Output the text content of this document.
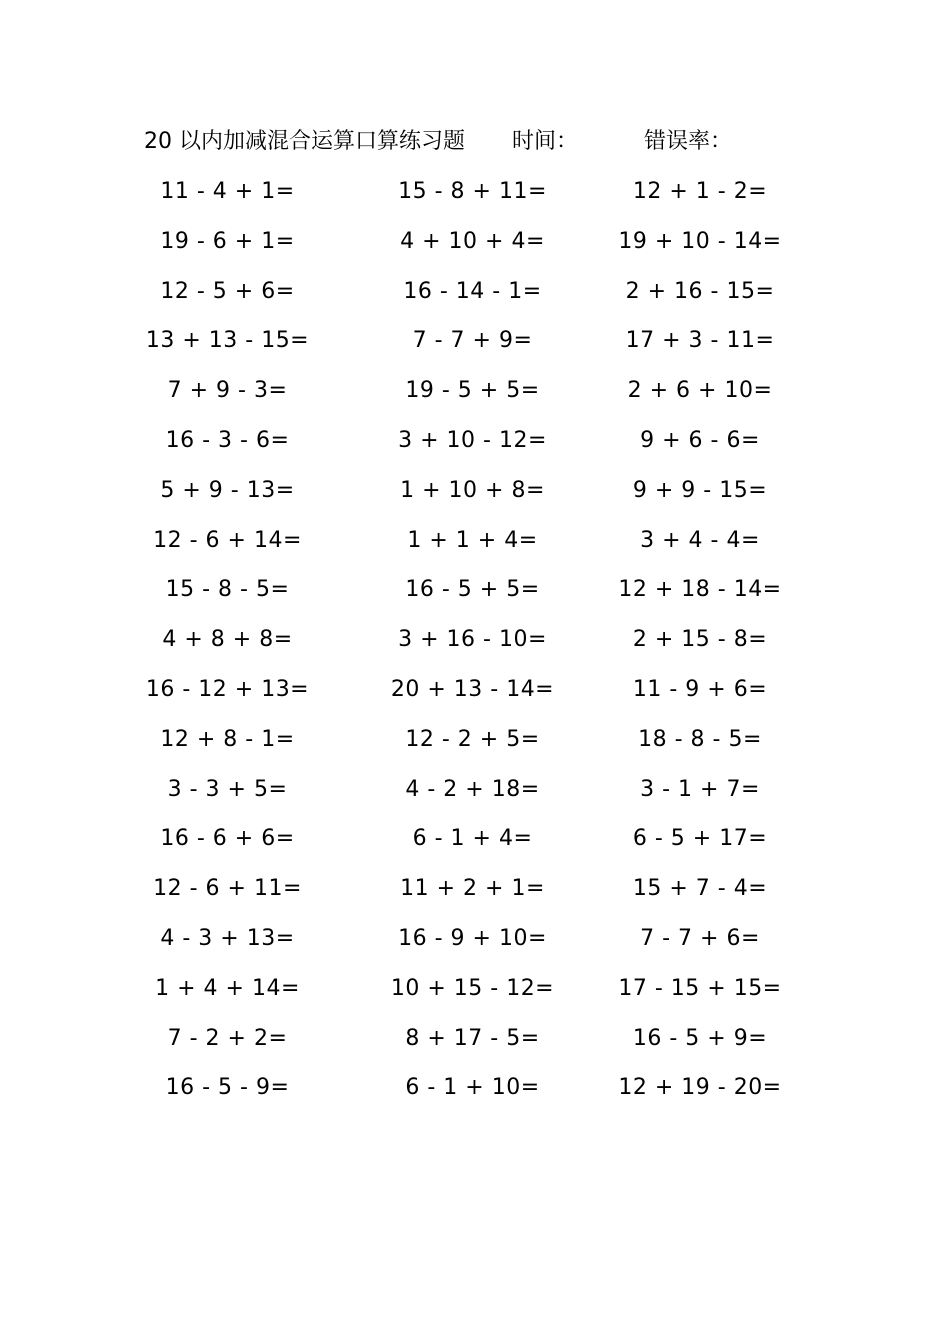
20 以内加减混合运算口算练习题 时间：	错误率：
11 - 4 + 1=	15 - 8 + 11=	12 + 1 - 2=
19 - 6 + 1=	4 + 10 + 4=	19 + 10 - 14=
12 - 5 + 6=	16 - 14 - 1=	2 + 16 - 15=
13 + 13 - 15=	7 - 7 + 9=	17 + 3 - 11=
7 + 9 - 3=	19 - 5 + 5=	2 + 6 + 10=
16 - 3 - 6=	3 + 10 - 12=	9 + 6 - 6=
5 + 9 - 13=	1 + 10 + 8=	9 + 9 - 15=
12 - 6 + 14=	1 + 1 + 4=	3 + 4 - 4=
15 - 8 - 5=	16 - 5 + 5=	12 + 18 - 14=
4 + 8 + 8=	3 + 16 - 10=	2 + 15 - 8=
16 - 12 + 13=	20 + 13 - 14=	11 - 9 + 6=
12 + 8 - 1=	12 - 2 + 5=	18 - 8 - 5=
3 - 3 + 5=	4 - 2 + 18=	3 - 1 + 7=
16 - 6 + 6=	6 - 1 + 4=	6 - 5 + 17=
12 - 6 + 11=	11 + 2 + 1=	15 + 7 - 4=
4 - 3 + 13=	16 - 9 + 10=	7 - 7 + 6=
1 + 4 + 14=	10 + 15 - 12=	17 - 15 + 15=
7 - 2 + 2=	8 + 17 - 5=	16 - 5 + 9=
16 - 5 - 9=	6 - 1 + 10=	12 + 19 - 20=
